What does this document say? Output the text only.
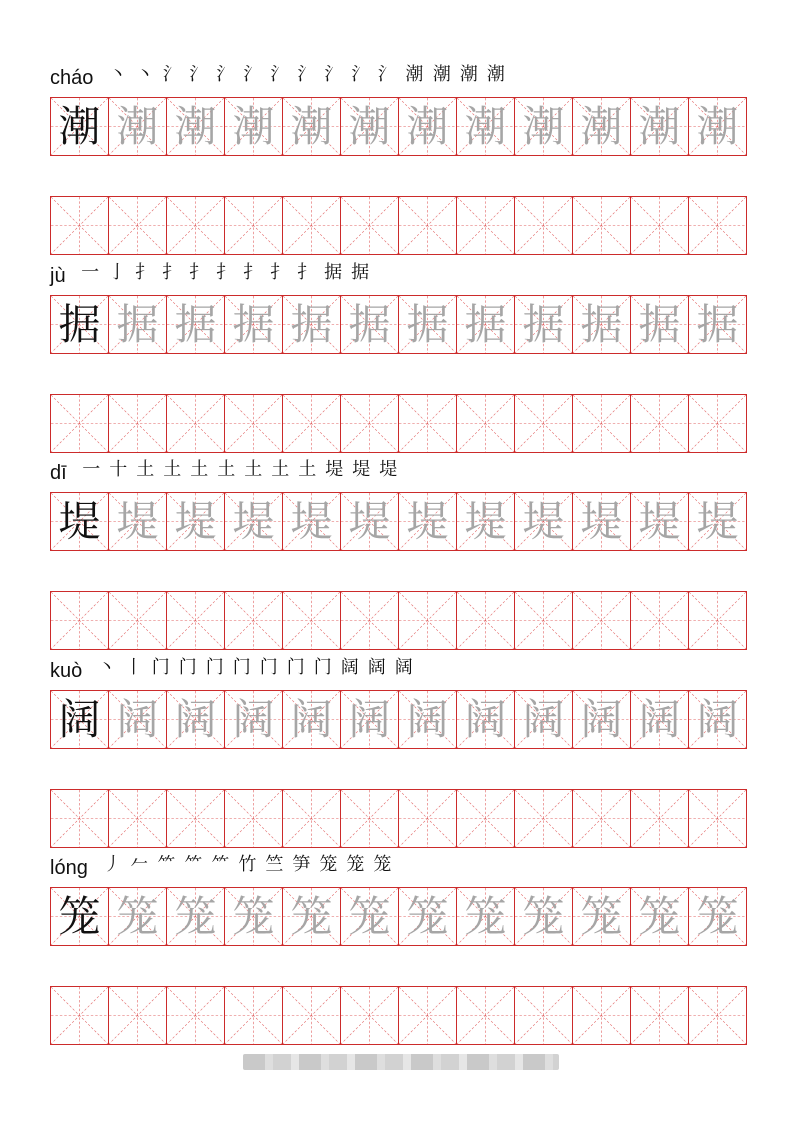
cháo 丶 丶 氵 氵 氵 氵 氵 氵 氵 氵 氵 潮 潮 潮 潮
潮 潮 潮 潮 潮 潮 潮 潮 潮 潮 潮 潮
jù 一 亅 扌 扌 扌 扌 扌 扌 扌 据 据
据 据 据 据 据 据 据 据 据 据 据 据
dī 一 十 土 土 土 土 土 土 土 堤 堤 堤
堤 堤 堤 堤 堤 堤 堤 堤 堤 堤 堤 堤
kuò 丶 丨 门 门 门 门 门 门 门 阔 阔 阔
阔 阔 阔 阔 阔 阔 阔 阔 阔 阔 阔 阔
lóng 丿 𠂉 ⺮ ⺮ ⺮ 竹 竺 笋 笼 笼 笼
笼 笼 笼 笼 笼 笼 笼 笼 笼 笼 笼 笼
